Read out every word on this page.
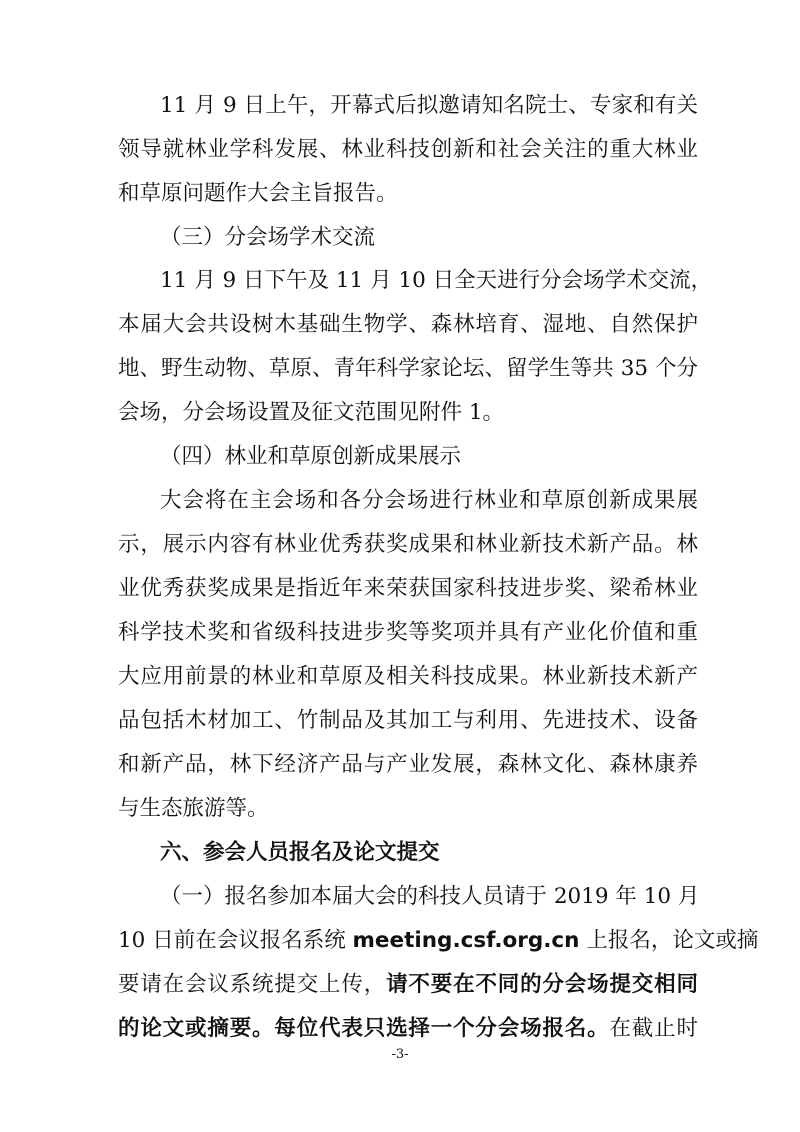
11 月 9 日上午，开幕式后拟邀请知名院士、专家和有关
领导就林业学科发展、林业科技创新和社会关注的重大林业
和草原问题作大会主旨报告。
（三）分会场学术交流
11 月 9 日下午及 11 月 10 日全天进行分会场学术交流，
本届大会共设树木基础生物学、森林培育、湿地、自然保护
地、野生动物、草原、青年科学家论坛、留学生等共 35 个分
会场，分会场设置及征文范围见附件 1。
（四）林业和草原创新成果展示
大会将在主会场和各分会场进行林业和草原创新成果展
示，展示内容有林业优秀获奖成果和林业新技术新产品。林
业优秀获奖成果是指近年来荣获国家科技进步奖、梁希林业
科学技术奖和省级科技进步奖等奖项并具有产业化价值和重
大应用前景的林业和草原及相关科技成果。林业新技术新产
品包括木材加工、竹制品及其加工与利用、先进技术、设备
和新产品，林下经济产品与产业发展，森林文化、森林康养
与生态旅游等。
六、参会人员报名及论文提交
（一）报名参加本届大会的科技人员请于 2019 年 10 月
10 日前在会议报名系统 meeting.csf.org.cn 上报名，论文或摘
要请在会议系统提交上传，请不要在不同的分会场提交相同
的论文或摘要。每位代表只选择一个分会场报名。在截止时
-3-
